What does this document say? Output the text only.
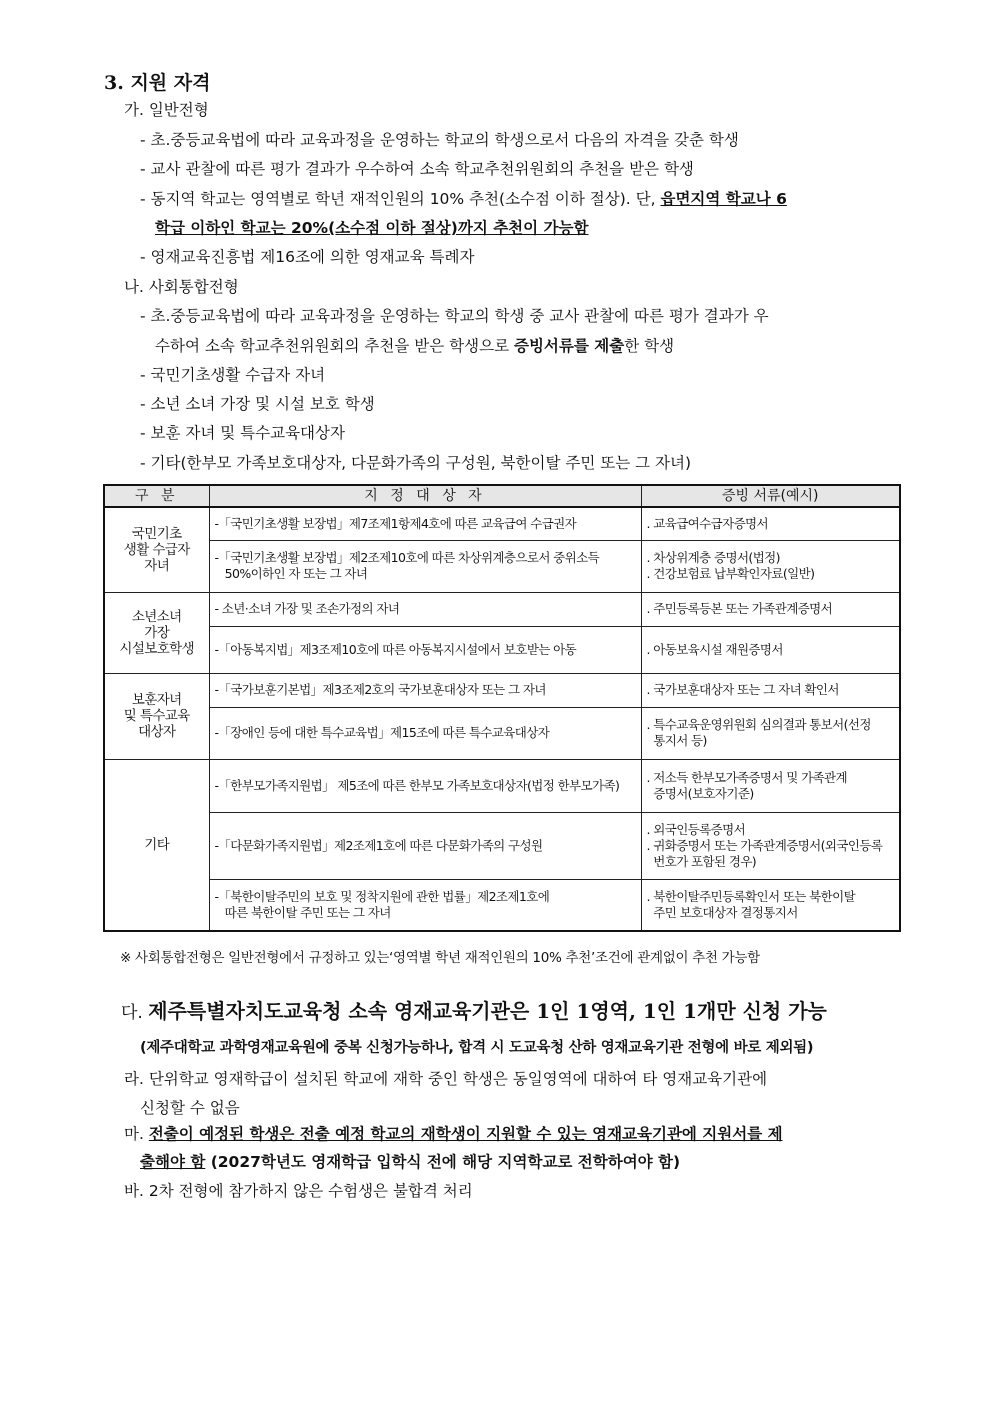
3. 지원 자격
가. 일반전형
- 초.중등교육법에 따라 교육과정을 운영하는 학교의 학생으로서 다음의 자격을 갖춘 학생
- 교사 관찰에 따른 평가 결과가 우수하여 소속 학교추천위원회의 추천을 받은 학생
- 동지역 학교는 영역별로 학년 재적인원의 10% 추천(소수점 이하 절상). 단, 읍면지역 학교나 6
학급 이하인 학교는 20%(소수점 이하 절상)까지 추천이 가능함
- 영재교육진흥법 제16조에 의한 영재교육 특례자
나. 사회통합전형
- 초.중등교육법에 따라 교육과정을 운영하는 학교의 학생 중 교사 관찰에 따른 평가 결과가 우
수하여 소속 학교추천위원회의 추천을 받은 학생으로 증빙서류를 제출한 학생
- 국민기초생활 수급자 자녀
- 소년 소녀 가장 및 시설 보호 학생
- 보훈 자녀 및 특수교육대상자
- 기타(한부모 가족보호대상자, 다문화가족의 구성원, 북한이탈 주민 또는 그 자녀)
구 분	지 정 대 상 자	증빙 서류(예시)
국민기초
생활 수급자
자녀	-「국민기초생활 보장법」제7조제1항제4호에 따른 교육급여 수급권자	. 교육급여수급자증명서
	-「국민기초생활 보장법」제2조제10호에 따른 차상위계층으로서 중위소득
50%이하인 자 또는 그 자녀	. 차상위계층 증명서(법정)
. 건강보험료 납부확인자료(일반)
소년소녀
가장
시설보호학생	- 소년·소녀 가장 및 조손가정의 자녀	. 주민등록등본 또는 가족관계증명서
	-「아동복지법」제3조제10호에 따른 아동복지시설에서 보호받는 아동	. 아동보육시설 재원증명서
보훈자녀
및 특수교육
대상자	-「국가보훈기본법」제3조제2호의 국가보훈대상자 또는 그 자녀	. 국가보훈대상자 또는 그 자녀 확인서
	-「장애인 등에 대한 특수교육법」제15조에 따른 특수교육대상자	. 특수교육운영위원회 심의결과 통보서(선정
통지서 등)
기타	-「한부모가족지원법」 제5조에 따른 한부모 가족보호대상자(법정 한부모가족)	. 저소득 한부모가족증명서 및 가족관계
증명서(보호자기준)
	-「다문화가족지원법」제2조제1호에 따른 다문화가족의 구성원	. 외국인등록증명서
. 귀화증명서 또는 가족관계증명서(외국인등록
번호가 포함된 경우)
	-「북한이탈주민의 보호 및 정착지원에 관한 법률」제2조제1호에
따른 북한이탈 주민 또는 그 자녀	. 북한이탈주민등록확인서 또는 북한이탈
주민 보호대상자 결정통지서
※ 사회통합전형은 일반전형에서 규정하고 있는‘영역별 학년 재적인원의 10% 추천’조건에 관계없이 추천 가능함
다. 제주특별자치도교육청 소속 영재교육기관은 1인 1영역, 1인 1개만 신청 가능
(제주대학교 과학영재교육원에 중복 신청가능하나, 합격 시 도교육청 산하 영재교육기관 전형에 바로 제외됨)
라. 단위학교 영재학급이 설치된 학교에 재학 중인 학생은 동일영역에 대하여 타 영재교육기관에
신청할 수 없음
마. 전출이 예정된 학생은 전출 예정 학교의 재학생이 지원할 수 있는 영재교육기관에 지원서를 제
출해야 함 (2027학년도 영재학급 입학식 전에 해당 지역학교로 전학하여야 함)
바. 2차 전형에 참가하지 않은 수험생은 불합격 처리
